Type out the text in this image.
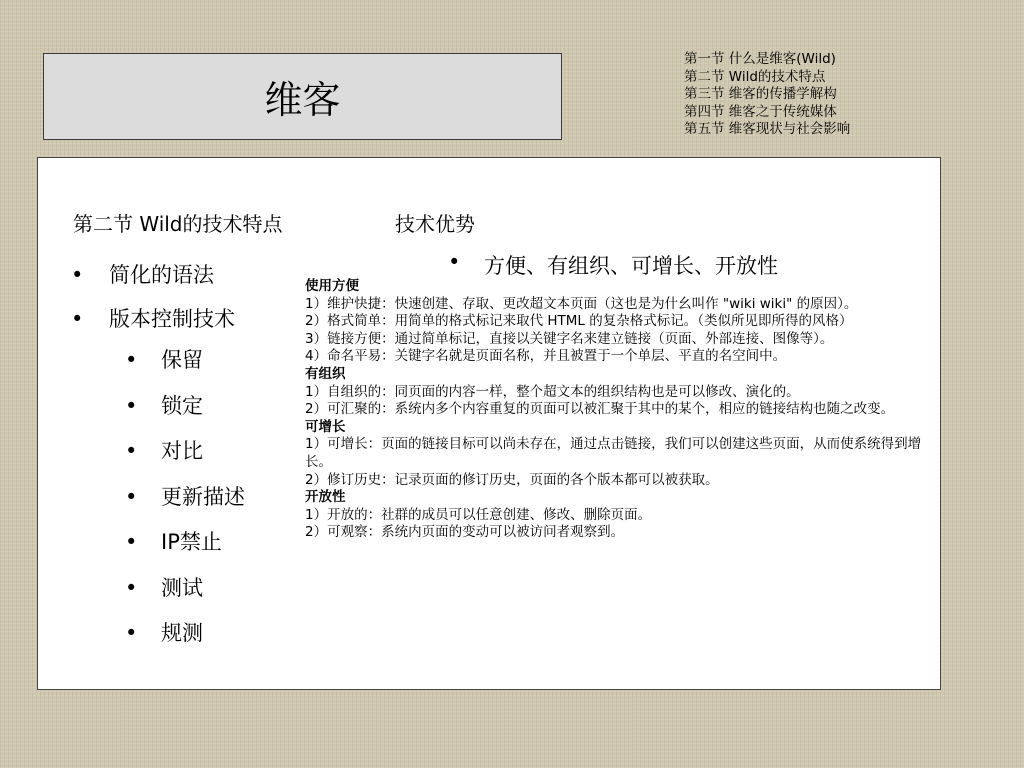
维客
第一节 什么是维客(Wild)
第二节 Wild的技术特点
第三节 维客的传播学解构
第四节 维客之于传统媒体
第五节 维客现状与社会影响
第二节 Wild的技术特点	技术优势
• 简化的语法
• 版本控制技术
• 保留
• 锁定
• 对比
• 更新描述
• IP禁止
• 测试
• 规测
• 方便、有组织、可增长、开放性

使用方便

1）维护快捷：快速创建、存取、更改超文本页面（这也是为什幺叫作 "wiki wiki" 的原因）。

2）格式简单：用简单的格式标记来取代 HTML 的复杂格式标记。（类似所见即所得的风格）

3）链接方便：通过简单标记，直接以关键字名来建立链接（页面、外部连接、图像等）。

4）命名平易：关键字名就是页面名称，并且被置于一个单层、平直的名空间中。

有组织

1）自组织的：同页面的内容一样，整个超文本的组织结构也是可以修改、演化的。

2）可汇聚的：系统内多个内容重复的页面可以被汇聚于其中的某个，相应的链接结构也随之改变。

可增长

1）可增长：页面的链接目标可以尚未存在，通过点击链接，我们可以创建这些页面，从而使系统得到增长。

2）修订历史：记录页面的修订历史，页面的各个版本都可以被获取。

开放性

1）开放的：社群的成员可以任意创建、修改、删除页面。

2）可观察：系统内页面的变动可以被访问者观察到。
